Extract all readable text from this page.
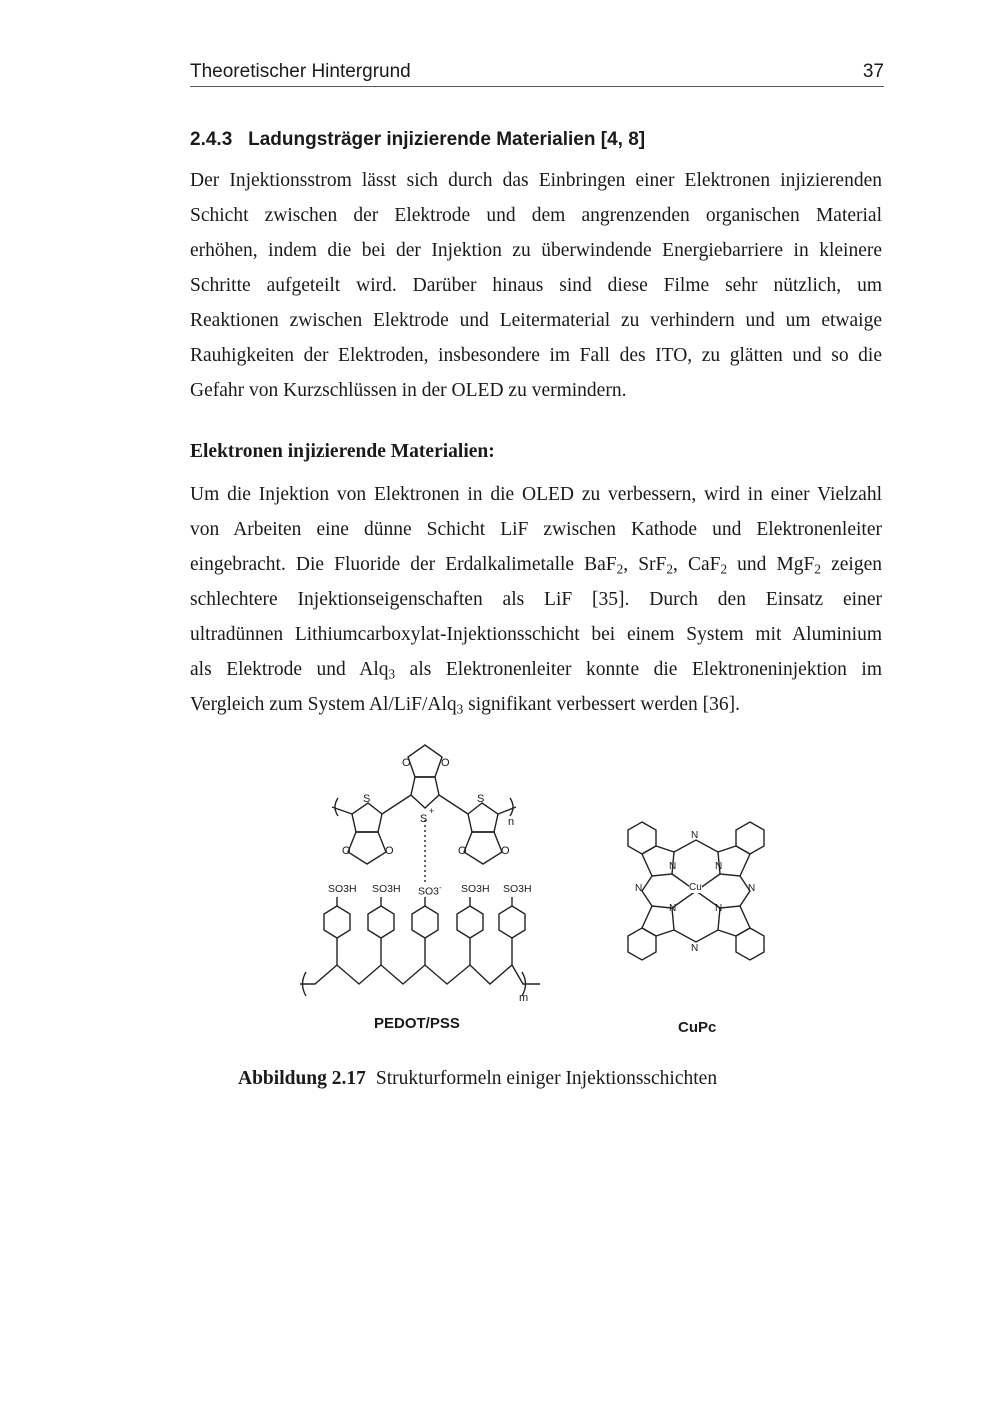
Theoretischer Hintergrund	37
2.4.3 Ladungsträger injizierende Materialien [4, 8]
Der Injektionsstrom lässt sich durch das Einbringen einer Elektronen injizierenden
Schicht zwischen der Elektrode und dem angrenzenden organischen Material
erhöhen, indem die bei der Injektion zu überwindende Energiebarriere in kleinere
Schritte aufgeteilt wird. Darüber hinaus sind diese Filme sehr nützlich, um
Reaktionen zwischen Elektrode und Leitermaterial zu verhindern und um etwaige
Rauhigkeiten der Elektroden, insbesondere im Fall des ITO, zu glätten und so die
Gefahr von Kurzschlüssen in der OLED zu vermindern.
Elektronen injizierende Materialien:
Um die Injektion von Elektronen in die OLED zu verbessern, wird in einer Vielzahl
von Arbeiten eine dünne Schicht LiF zwischen Kathode und Elektronenleiter
eingebracht. Die Fluoride der Erdalkalimetalle BaF$_2$, SrF$_2$, CaF$_2$ und MgF$_2$ zeigen
schlechtere Injektionseigenschaften als LiF [35]. Durch den Einsatz einer
ultradünnen Lithiumcarboxylat-Injektionsschicht bei einem System mit Aluminium
als Elektrode und Alq$_3$ als Elektronenleiter konnte die Elektroneninjektion im
Vergleich zum System Al/LiF/Alq$_3$ signifikant verbessert werden [36].
S
S
+
S
O	O
O	O	O	O
n
SO3H SO3H SO3- SO3H SO3H
m
N
N
N	N
N	N
N	N
Cu
PEDOT/PSS	CuPc
Abbildung 2.17 Strukturformeln einiger Injektionsschichten
